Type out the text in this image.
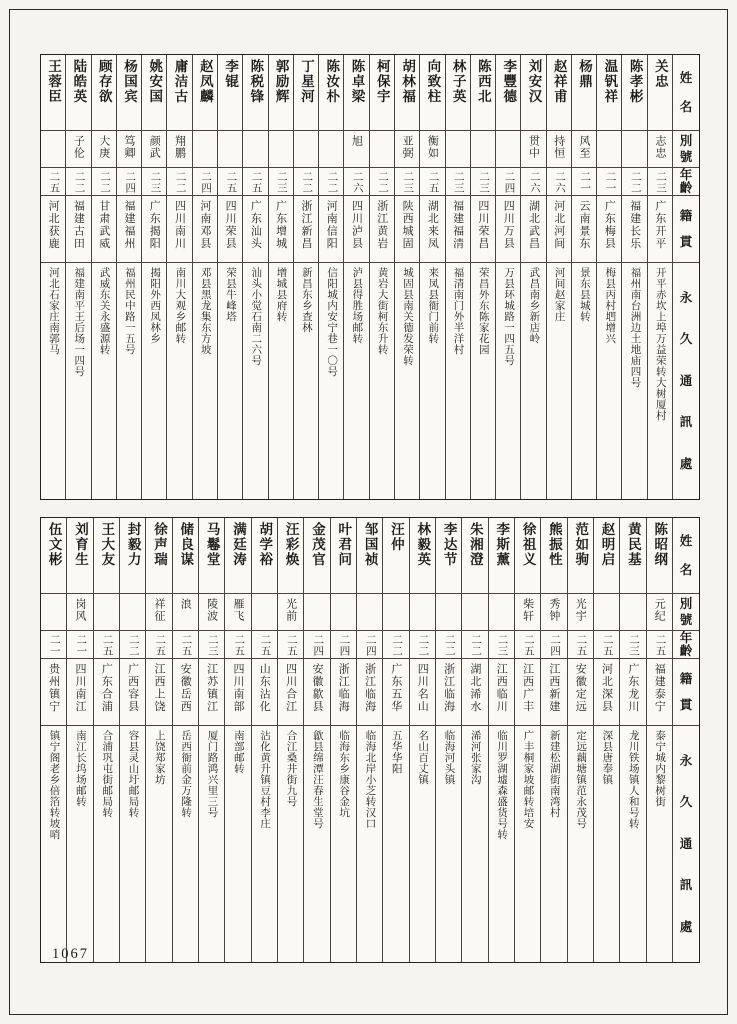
王蓉臣
二五
河北获鹿
河北石家庄南郭马
陆皓英
子伦
二二
福建古田
福建南平王后场一四号
顾存欲
大庚
二二
甘肃武威
武威东关永盛源转
杨国宾
笃卿
二四
福建福州
福州民中路一五号
姚安国
颜武
二三
广东揭阳
揭阳外西凤林乡
庸洁古
翔鹏
二二
四川南川
南川大观乡邮转
赵凤麟
二四
河南邓县
邓县黑龙集东方坡
李锟
二五
四川荣县
荣县牛峰塔
陈税锋
二五
广东汕头
汕头小觉石南二六号
郭励辉
二三
广东增城
增城县府转
丁星河
二二
浙江新昌
新昌东乡查林
陈汝朴
二二
河南信阳
信阳城内安宁巷一〇号
陈卓梁
旭
二六
四川泸县
泸县得胜场邮转
柯保宇
二二
浙江黄岩
黄岩大街柯东升转
胡林福
亚弼
二三
陕西城固
城固县南关德发荣转
向致柱
衡如
二五
湖北来凤
来凤县衙门前转
林子英
二三
福建福清
福清南门外半洋村
陈西北
二三
四川荣昌
荣昌外东陈家花园
李豐德
二四
四川万县
万县环城路一四五号
刘安汉
贯中
二六
湖北武昌
武昌南乡新店岭
赵祥甫
持恒
二六
河北河间
河间赵家庄
杨鼎
风至
二一
云南景东
景东县城转
温钒祥
二一
广东梅县
梅县丙村垇增兴
陈孝彬
二二
福建长乐
福州南台洲边土地庙四号
关忠
志忠
二三
广东开平
开平赤坎上埠万益荣转大树厦村
姓
名
別
號
年
齡
籍
貫
永
久
通
訊
處
伍文彬
二一
贵州镇宁
镇宁阁老乡倍箔转坡哨
刘育生
岗风
二一
四川南江
南江长坞场邮转
王大友
二五
广东合浦
合浦巩屯街邮局转
封毅力
二二
广西容县
容县灵山圩邮局转
徐声瑞
祥征
二五
江西上饶
上饶郑家坊
储良谋
浪
二五
安徽岳西
岳西衙前金万隆转
马鬈堂
陵波
二三
江苏镇江
厦门路鸿兴里三号
满廷涛
雁飞
二五
四川南部
南部邮转
胡学裕
二五
山东沾化
沾化黄升镇豆村李庄
汪彩焕
光前
二五
四川合江
合江桑井街九号
金茂官
二四
安徽歙县
歙县绵潭汪春生堂号
叶君问
二四
浙江临海
临海东乡康谷金坑
邹国祯
二四
浙江临海
临海北岸小芝转汉口
汪仲
二二
广东五华
五华华阳
林毅英
二二
四川名山
名山百丈镇
李达节
二二
浙江临海
临海河头镇
朱湘澄
二二
湖北浠水
浠河张家沟
李斯薰
二三
江西临川
临川罗湖墟森盛货号转
徐祖义
柴轩
二五
江西广丰
广丰桐家坡邮转培安
熊振性
秀钟
二四
江西新建
新建松湖街南湾村
范如驹
光宇
二五
安徽定远
定远藕塘镇范永茂号
赵明启
二五
河北深县
深县唐奉镇
黄民基
二三
广东龙川
龙川铁场镇人和号转
陈昭纲
元纪
二五
福建泰宁
泰宁城内黎树街
姓
名
別
號
年
齡
籍
貫
永
久
通
訊
處
1067
